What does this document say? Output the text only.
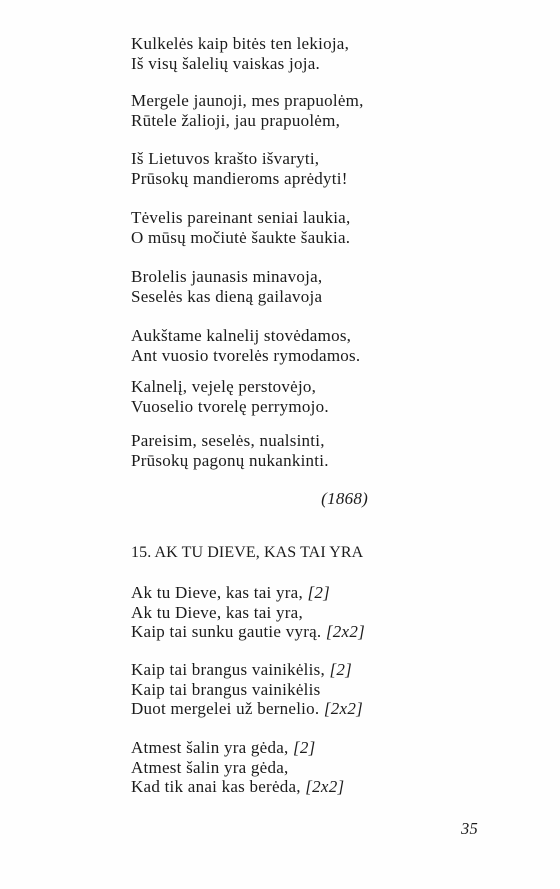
Kulkelės kaip bitės ten lekioja,
Iš visų šalelių vaiskas joja.
Mergele jaunoji, mes prapuolėm,
Rūtele žalioji, jau prapuolėm,
Iš Lietuvos krašto išvaryti,
Prūsokų mandieroms aprėdyti!
Tėvelis pareinant seniai laukia,
O mūsų močiutė šaukte šaukia.
Brolelis jaunasis minavoja,
Seselės kas dieną gailavoja
Aukštame kalnelij stovėdamos,
Ant vuosio tvorelės rymodamos.
Kalnelį, vejelę perstovėjo,
Vuoselio tvorelę perrymojo.
Pareisim, seselės, nualsinti,
Prūsokų pagonų nukankinti.
(1868)
15. AK TU DIEVE, KAS TAI YRA
Ak tu Dieve, kas tai yra, [2]
Ak tu Dieve, kas tai yra,
Kaip tai sunku gautie vyrą. [2x2]
Kaip tai brangus vainikėlis, [2]
Kaip tai brangus vainikėlis
Duot mergelei už bernelio. [2x2]
Atmest šalin yra gėda, [2]
Atmest šalin yra gėda,
Kad tik anai kas berėda, [2x2]
35
